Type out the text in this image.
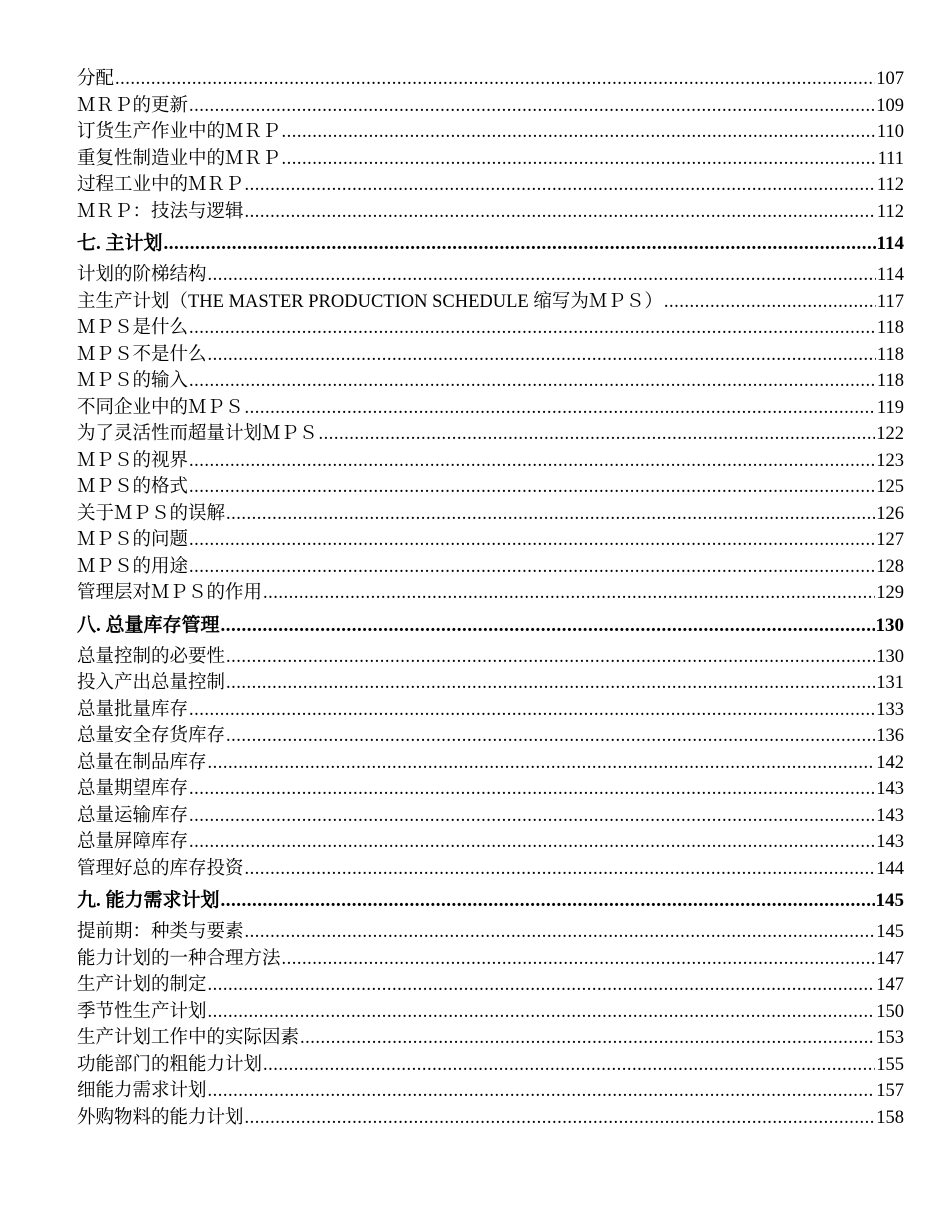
分配 .....	107
ＭＲＰ的更新 .....	109
订货生产作业中的ＭＲＰ .....	110
重复性制造业中的ＭＲＰ .....	111
过程工业中的ＭＲＰ .....	112
ＭＲＰ：技法与逻辑 .....	112
七. 主计划 .....	114
计划的阶梯结构 .....	114
主生产计划（THE MASTER PRODUCTION SCHEDULE 缩写为ＭＰＳ） .....	117
ＭＰＳ是什么 .....	118
ＭＰＳ不是什么 .....	118
ＭＰＳ的输入 .....	118
不同企业中的ＭＰＳ .....	119
为了灵活性而超量计划ＭＰＳ .....	122
ＭＰＳ的视界 .....	123
ＭＰＳ的格式 .....	125
关于ＭＰＳ的误解 .....	126
ＭＰＳ的问题 .....	127
ＭＰＳ的用途 .....	128
管理层对ＭＰＳ的作用 .....	129
八. 总量库存管理 .....	130
总量控制的必要性 .....	130
投入产出总量控制 .....	131
总量批量库存 .....	133
总量安全存货库存 .....	136
总量在制品库存 .....	142
总量期望库存 .....	143
总量运输库存 .....	143
总量屏障库存 .....	143
管理好总的库存投资 .....	144
九. 能力需求计划 .....	145
提前期：种类与要素 .....	145
能力计划的一种合理方法 .....	147
生产计划的制定 .....	147
季节性生产计划 .....	150
生产计划工作中的实际因素 .....	153
功能部门的粗能力计划 .....	155
细能力需求计划 .....	157
外购物料的能力计划 .....	158
